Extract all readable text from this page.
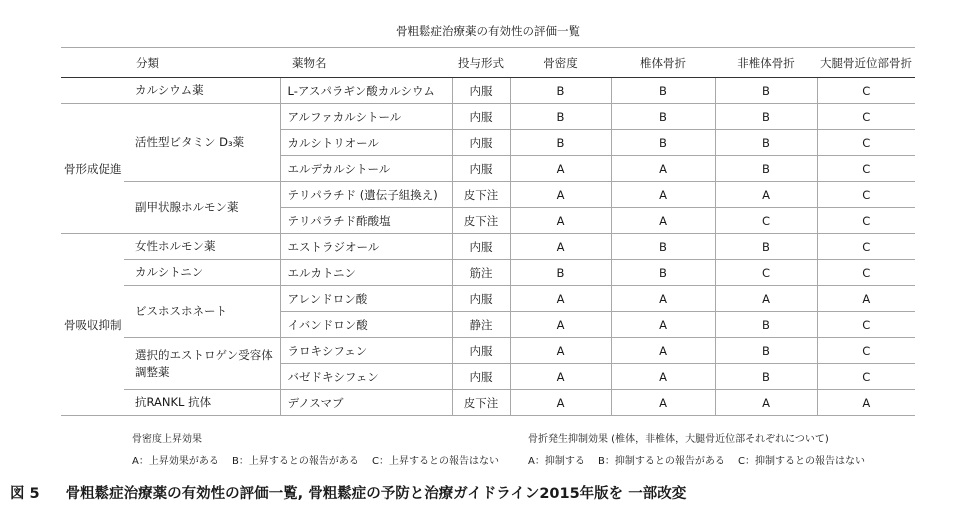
骨粗鬆症治療薬の有効性の評価一覧							
	分類	薬物名	投与形式	骨密度	椎体骨折	非椎体骨折	大腿骨近位部骨折
	カルシウム薬	L-アスパラギン酸カルシウム	内服	B	B	B	C
骨形成促進	活性型ビタミン D₃薬	アルファカルシトール	内服	B	B	B	C
		カルシトリオール	内服	B	B	B	C
		エルデカルシトール	内服	A	A	B	C
	副甲状腺ホルモン薬	テリパラチド (遺伝子組換え)	皮下注	A	A	A	C
		テリパラチド酢酸塩	皮下注	A	A	C	C
骨吸収抑制	女性ホルモン薬	エストラジオール	内服	A	B	B	C
	カルシトニン	エルカトニン	筋注	B	B	C	C
	ビスホスホネート	アレンドロン酸	内服	A	A	A	A
		イバンドロン酸	静注	A	A	B	C
	選択的エストロゲン受容体調整薬	ラロキシフェン	内服	A	A	B	C
		バゼドキシフェン	内服	A	A	B	C
	抗RANKL 抗体	デノスマブ	皮下注	A	A	A	A
骨密度上昇効果
A：上昇効果がある　 B：上昇するとの報告がある　 C：上昇するとの報告はない
骨折発生抑制効果 (椎体，非椎体，大腿骨近位部それぞれについて)
A：抑制する　 B：抑制するとの報告がある　 C：抑制するとの報告はない
図 5 骨粗鬆症治療薬の有効性の評価一覧, 骨粗鬆症の予防と治療ガイドライン2015年版を 一部改変
